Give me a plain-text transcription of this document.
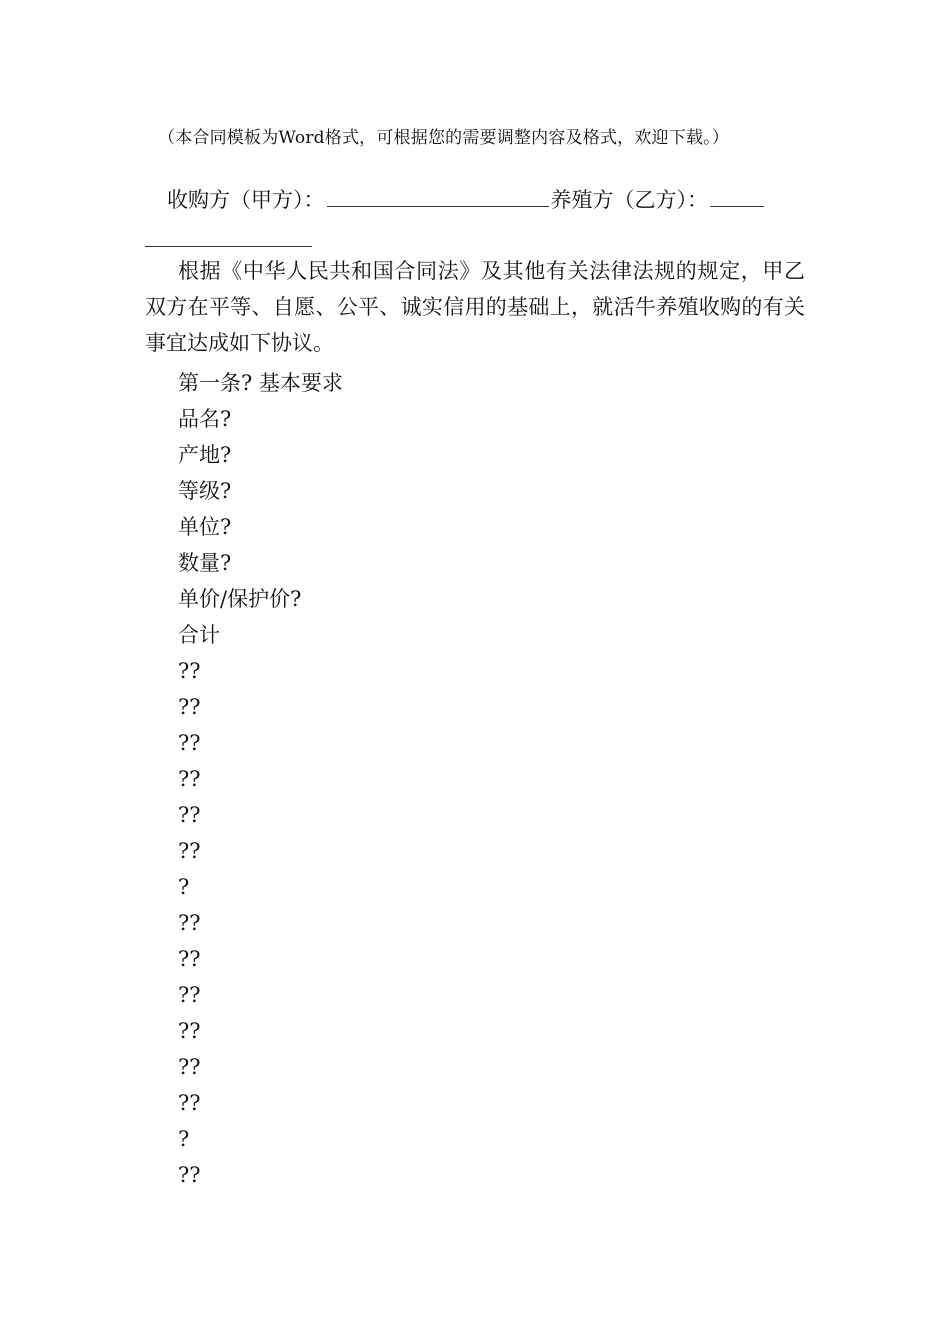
（本合同模板为Word格式，可根据您的需要调整内容及格式，欢迎下载。）
收购方（甲方）：	养殖方（乙方）：
根据《中华人民共和国合同法》及其他有关法律法规的规定，甲乙双方在平等、自愿、公平、诚实信用的基础上，就活牛养殖收购的有关事宜达成如下协议。
第一条? 基本要求
品名?
产地?
等级?
单位?
数量?
单价/保护价?
合计
??
??
??
??
??
??
?
??
??
??
??
??
??
?
??
